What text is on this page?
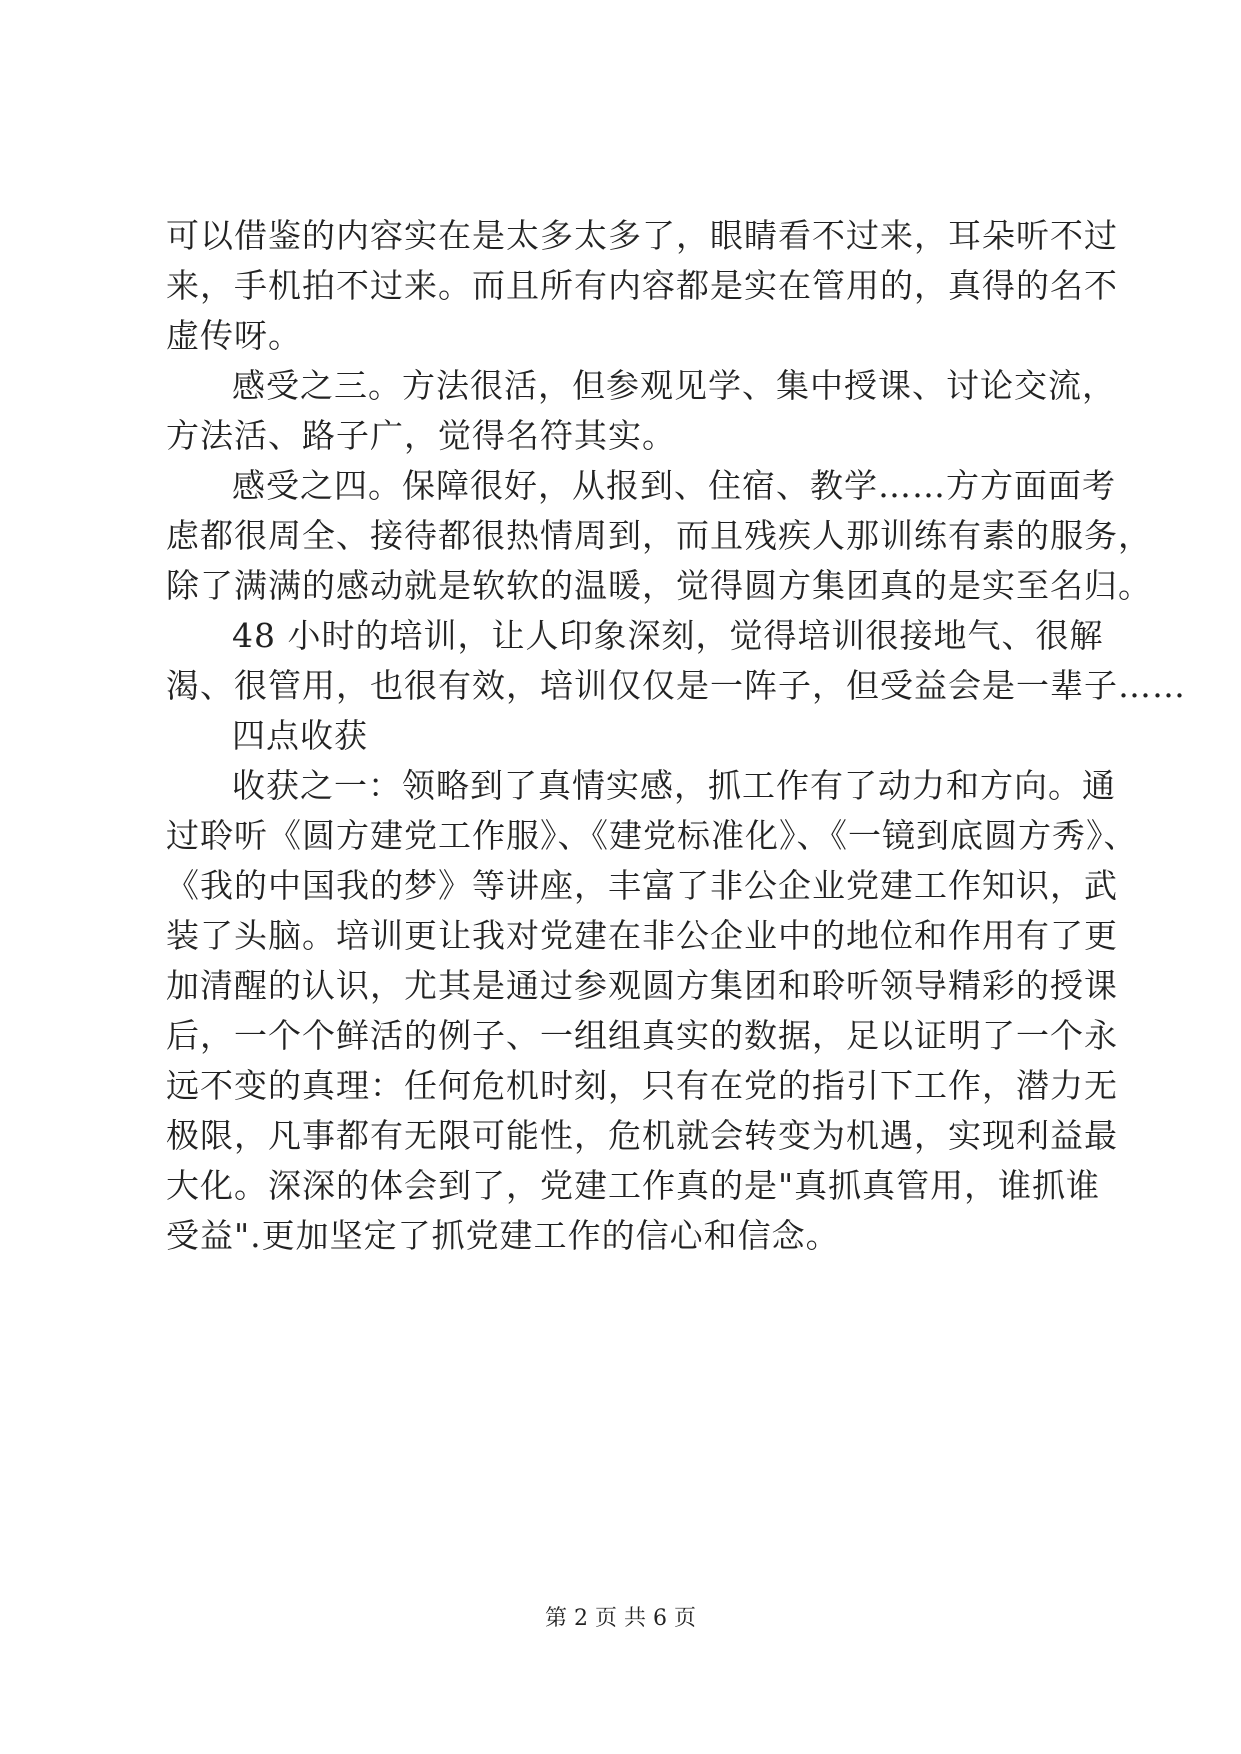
可以借鉴的内容实在是太多太多了，眼睛看不过来，耳朵听不过
来，手机拍不过来。而且所有内容都是实在管用的，真得的名不
虚传呀。
感受之三。方法很活，但参观见学、集中授课、讨论交流，
方法活、路子广，觉得名符其实。
感受之四。保障很好，从报到、住宿、教学……方方面面考
虑都很周全、接待都很热情周到，而且残疾人那训练有素的服务，
除了满满的感动就是软软的温暖，觉得圆方集团真的是实至名归。
48 小时的培训，让人印象深刻，觉得培训很接地气、很解
渴、很管用，也很有效，培训仅仅是一阵子，但受益会是一辈子……
四点收获
收获之一：领略到了真情实感，抓工作有了动力和方向。通
过聆听《圆方建党工作服》、《建党标准化》、《一镜到底圆方秀》、
《我的中国我的梦》等讲座，丰富了非公企业党建工作知识，武
装了头脑。培训更让我对党建在非公企业中的地位和作用有了更
加清醒的认识，尤其是通过参观圆方集团和聆听领导精彩的授课
后，一个个鲜活的例子、一组组真实的数据，足以证明了一个永
远不变的真理：任何危机时刻，只有在党的指引下工作，潜力无
极限，凡事都有无限可能性，危机就会转变为机遇，实现利益最
大化。深深的体会到了，党建工作真的是"真抓真管用，谁抓谁
受益".更加坚定了抓党建工作的信心和信念。
第 2 页 共 6 页
